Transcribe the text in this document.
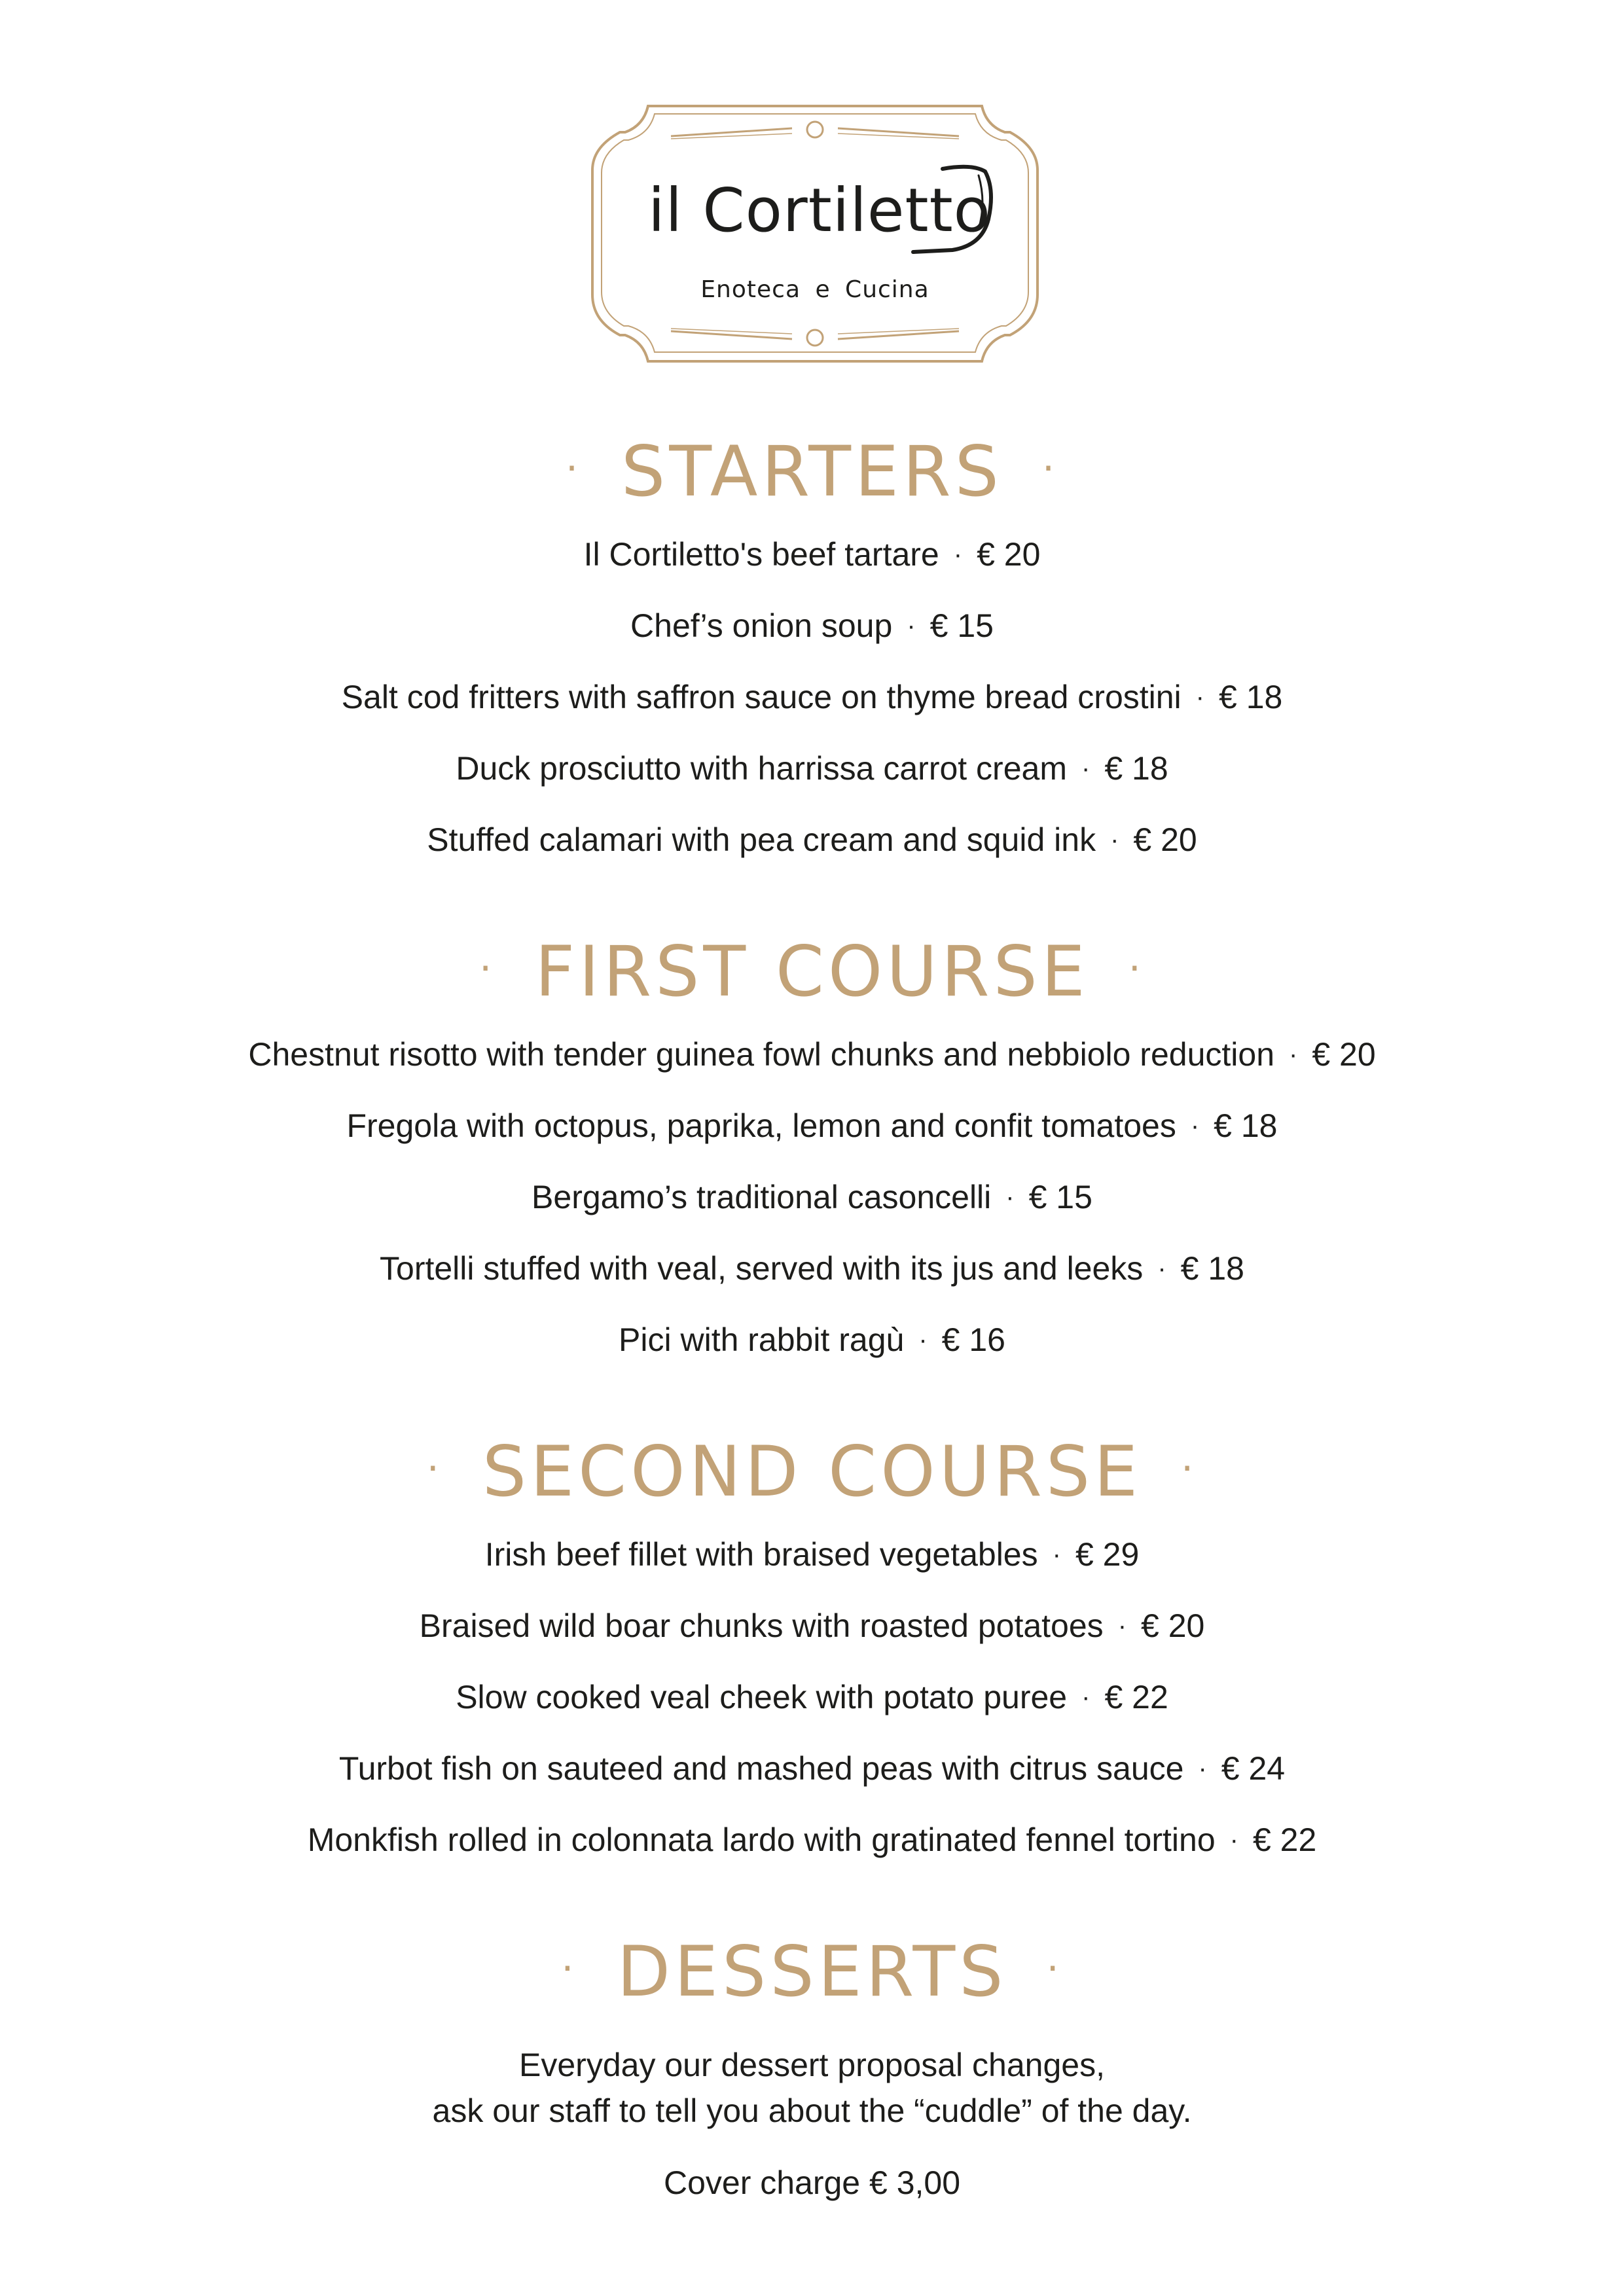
il Cortiletto
Enoteca e Cucina
· STARTERS ·
Il Cortiletto's beef tartare · € 20
Chef’s onion soup · € 15
Salt cod fritters with saffron sauce on thyme bread crostini · € 18
Duck prosciutto with harrissa carrot cream · € 18
Stuffed calamari with pea cream and squid ink · € 20
· FIRST COURSE ·
Chestnut risotto with tender guinea fowl chunks and nebbiolo reduction · € 20
Fregola with octopus, paprika, lemon and confit tomatoes · € 18
Bergamo’s traditional casoncelli · € 15
Tortelli stuffed with veal, served with its jus and leeks · € 18
Pici with rabbit ragù · € 16
· SECOND COURSE ·
Irish beef fillet with braised vegetables · € 29
Braised wild boar chunks with roasted potatoes · € 20
Slow cooked veal cheek with potato puree · € 22
Turbot fish on sauteed and mashed peas with citrus sauce · € 24
Monkfish rolled in colonnata lardo with gratinated fennel tortino · € 22
· DESSERTS ·
Everyday our dessert proposal changes,
ask our staff to tell you about the “cuddle” of the day.
Cover charge € 3,00
